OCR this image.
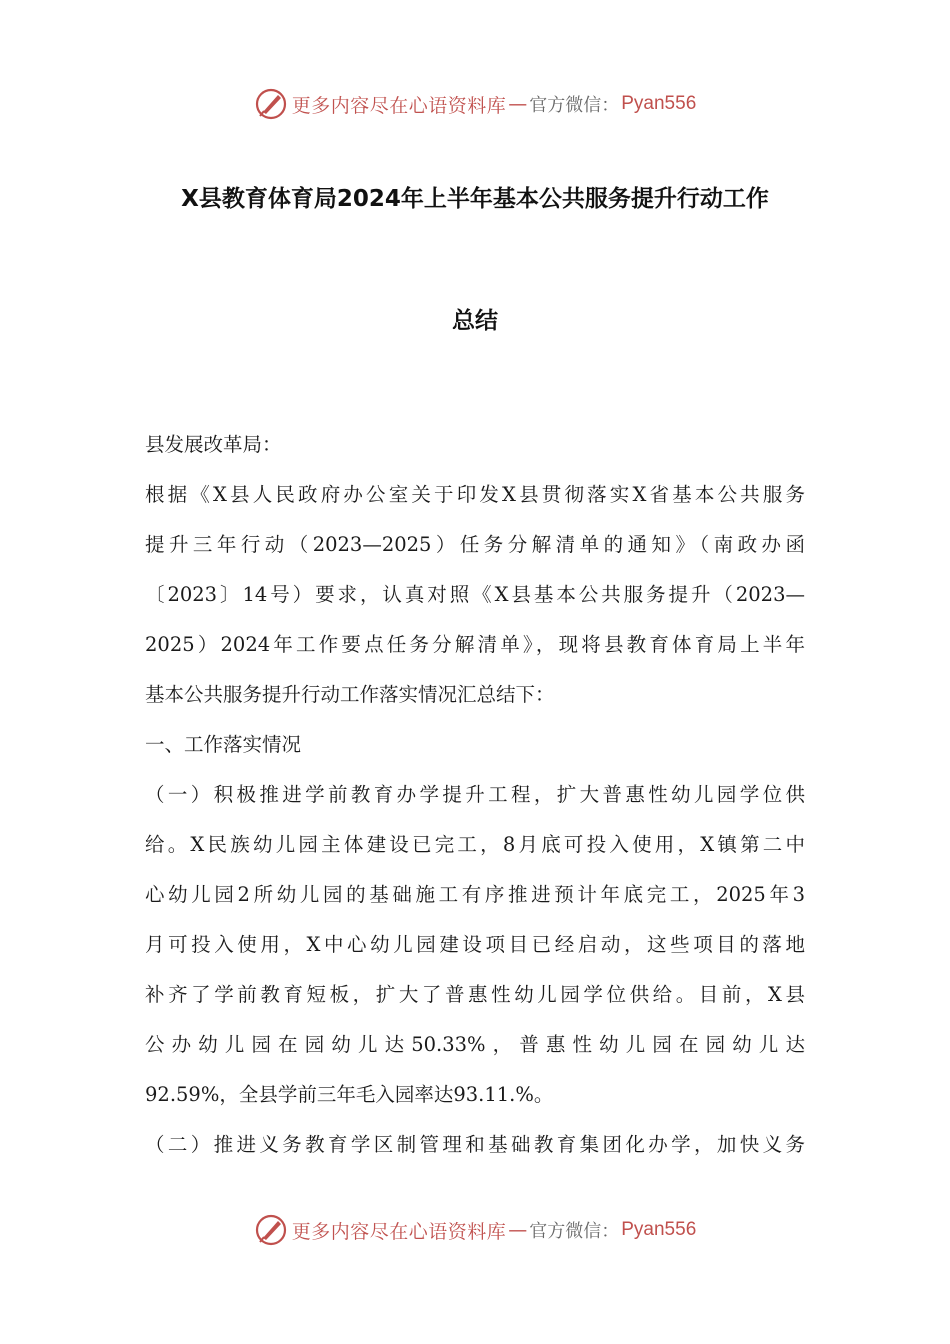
更多内容尽在心语资料库 — 官方微信： Pyan556
X县教育体育局2024年上半年基本公共服务提升行动工作
总结
县发展改革局：
根据《X县人民政府办公室关于印发X县贯彻落实X省基本公共服务
提升三年行动（2023—2025）任务分解清单的通知》（南政办函
〔2023〕14号）要求，认真对照《X县基本公共服务提升（2023—
2025）2024年工作要点任务分解清单》，现将县教育体育局上半年
基本公共服务提升行动工作落实情况汇总结下：
一、工作落实情况
（一）积极推进学前教育办学提升工程，扩大普惠性幼儿园学位供
给。X民族幼儿园主体建设已完工，8月底可投入使用，X镇第二中
心幼儿园2所幼儿园的基础施工有序推进预计年底完工，2025年3
月可投入使用，X中心幼儿园建设项目已经启动，这些项目的落地
补齐了学前教育短板，扩大了普惠性幼儿园学位供给。目前，X县
公办幼儿园在园幼儿达50.33%，普惠性幼儿园在园幼儿达
92.59%，全县学前三年毛入园率达93.11.%。
（二）推进义务教育学区制管理和基础教育集团化办学，加快义务
更多内容尽在心语资料库 — 官方微信： Pyan556
